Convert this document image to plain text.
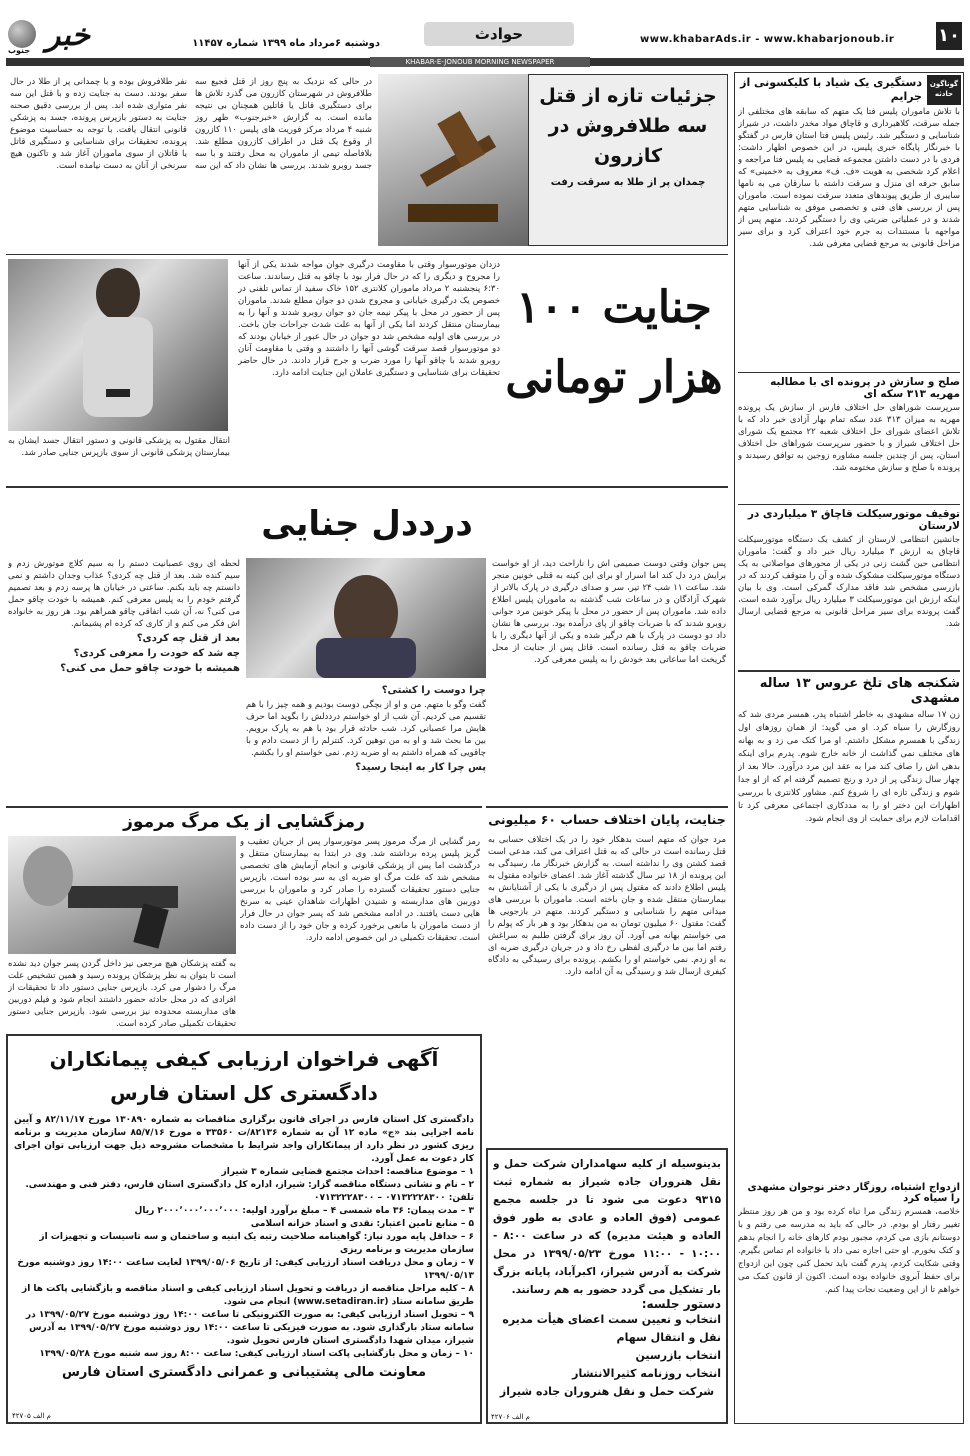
۱۰
www.khabarAds.ir - www.khabarjonoub.ir
حوادث
دوشنبه ۶مرداد ماه ۱۳۹۹ شماره ۱۱۴۵۷
خبر
جنوب
KHABAR-E-JONOUB MORNING NEWSPAPER
گوناگون حادثه
دستگیری یک شیاد با کلیکسونی از جرایم
با تلاش ماموران پلیس فتا یک متهم که سابقه های مختلفی از جمله سرقت، کلاهبرداری و قاچاق مواد مخدر داشت، در شیراز شناسایی و دستگیر شد. رئیس پلیس فتا استان فارس در گفتگو با خبرنگار پایگاه خبری پلیس، در این خصوص اظهار داشت: فردی با در دست داشتن مجموعه قضایی به پلیس فتا مراجعه و اعلام کرد شخصی به هویت «ف. ف» معروف به «خمینی» که سابق حرفه ای منزل و سرقت داشته با سارقان می به نامها سایبری از طریق پیوندهای متعدد سرقت نموده است. ماموران پس از بررسی های فنی و تخصصی موفق به شناسایی متهم شدند و در عملیاتی ضربتی وی را دستگیر کردند. متهم پس از مواجهه با مستندات به جرم خود اعتراف کرد و برای سیر مراحل قانونی به مرجع قضایی معرفی شد.
صلح و سازش در پرونده ای با مطالبه مهریه ۳۱۳ سکه ای
سرپرست شوراهای حل اختلاف فارس از سازش یک پرونده مهریه به میزان ۳۱۳ عدد سکه تمام بهار آزادی خبر داد که با تلاش اعضای شورای حل اختلاف شعبه ۲۲ مجتمع یک شورای حل اختلاف شیراز و با حضور سرپرست شوراهای حل اختلاف استان، پس از چندین جلسه مشاوره زوجین به توافق رسیدند و پرونده با صلح و سازش مختومه شد.
توقیف موتورسیکلت قاچاق ۳ میلیاردی در لارستان
جانشین انتظامی لارستان از کشف یک دستگاه موتورسیکلت قاچاق به ارزش ۳ میلیارد ریال خبر داد و گفت: ماموران انتظامی حین گشت زنی در یکی از محورهای مواصلاتی به یک دستگاه موتورسیکلت مشکوک شده و آن را متوقف کردند که در بازرسی مشخص شد فاقد مدارک گمرکی است. وی با بیان اینکه ارزش این موتورسیکلت ۳ میلیارد ریال برآورد شده است، گفت پرونده برای سیر مراحل قانونی به مرجع قضایی ارسال شد.
شکنجه های تلخ عروس ۱۳ ساله مشهدی
زن ۱۷ ساله مشهدی به خاطر اشتباه پدر، همسر مردی شد که روزگارش را سیاه کرد. او می گوید: از همان روزهای اول زندگی با همسرم مشکل داشتم. او مرا کتک می زد و به بهانه های مختلف نمی گذاشت از خانه خارج شوم. پدرم برای اینکه بدهی اش را صاف کند مرا به عقد این مرد درآورد. حالا بعد از چهار سال زندگی پر از درد و رنج تصمیم گرفته ام که از او جدا شوم و زندگی تازه ای را شروع کنم. مشاور کلانتری با بررسی اظهارات این دختر او را به مددکاری اجتماعی معرفی کرد تا اقدامات لازم برای حمایت از وی انجام شود.
ازدواج اشتباه، روزگار دختر نوجوان مشهدی را سیاه کرد
خلاصه، همسرم زندگی مرا تباه کرده بود و من هر روز منتظر تغییر رفتار او بودم. در حالی که باید به مدرسه می رفتم و با دوستانم بازی می کردم، مجبور بودم کارهای خانه را انجام بدهم و کتک بخورم. او حتی اجازه نمی داد با خانواده ام تماس بگیرم. وقتی شکایت کردم، پدرم گفت باید تحمل کنی چون این ازدواج برای حفظ آبروی خانواده بوده است. اکنون از قانون کمک می خواهم تا از این وضعیت نجات پیدا کنم.
جزئیات تازه از قتل سه طلافروش در کازرون
چمدان پر از طلا به سرقت رفت
در حالی که نزدیک به پنج روز از قتل فجیع سه طلافروش در شهرستان کازرون می گذرد تلاش ها برای دستگیری قاتل یا قاتلین همچنان بی نتیجه مانده است. به گزارش «خبرجنوب» ظهر روز شنبه ۴ مرداد مرکز فوریت های پلیس ۱۱۰ کازرون از وقوع یک قتل در اطراف کازرون مطلع شد. بلافاصله تیمی از ماموران به محل رفتند و با سه جسد روبرو شدند. بررسی ها نشان داد که این سه نفر طلافروش بوده و با چمدانی پر از طلا در حال سفر بودند. دست به جنایت زده و با قتل این سه نفر متواری شده اند. پس از بررسی دقیق صحنه جنایت به دستور بازپرس پرونده، جسد به پزشکی قانونی انتقال یافت. با توجه به حساسیت موضوع پرونده، تحقیقات برای شناسایی و دستگیری قاتل یا قاتلان از سوی ماموران آغاز شد و تاکنون هیچ سرنخی از آنان به دست نیامده است.
جنایت ۱۰۰ هزار تومانی
دزدان موتورسوار وقتی با مقاومت درگیری جوان مواجه شدند یکی از آنها را مجروح و دیگری را که در حال فرار بود با چاقو به قتل رساندند. ساعت ۶:۳۰ پنجشنبه ۲ مرداد ماموران کلانتری ۱۵۲ خاک سفید از تماس تلفنی در خصوص یک درگیری خیابانی و مجروح شدن دو جوان مطلع شدند. ماموران پس از حضور در محل با پیکر نیمه جان دو جوان روبرو شدند و آنها را به بیمارستان منتقل کردند اما یکی از آنها به علت شدت جراحات جان باخت. در بررسی های اولیه مشخص شد دو جوان در حال عبور از خیابان بودند که دو موتورسوار قصد سرقت گوشی آنها را داشتند و وقتی با مقاومت آنان روبرو شدند با چاقو آنها را مورد ضرب و جرح قرار دادند. در حال حاضر تحقیقات برای شناسایی و دستگیری عاملان این جنایت ادامه دارد.
انتقال مقتول به پزشکی قانونی و دستور انتقال جسد ایشان به بیمارستان پزشکی قانونی از سوی بازپرس جنایی صادر شد.
درددل جنایی
پس جوان وقتی دوست صمیمی اش را ناراحت دید، از او خواست برایش درد دل کند اما اسرار او برای این کینه به قتلی خونین منجر شد. ساعت ۱۱ شب ۲۴ تیر، سر و صدای درگیری در پارک بالاتر از شهرک آزادگان و در ساعات شب گذشته به ماموران پلیس اطلاع داده شد. ماموران پس از حضور در محل با پیکر خونین مرد جوانی روبرو شدند که با ضربات چاقو از پای درآمده بود. بررسی ها نشان داد دو دوست در پارک با هم درگیر شده و یکی از آنها دیگری را با ضربات چاقو به قتل رسانده است. قاتل پس از جنایت از محل گریخت اما ساعاتی بعد خودش را به پلیس معرفی کرد.
چرا دوست را کشتی؟
گفت وگو با متهم. من و او از بچگی دوست بودیم و همه چیز را با هم تقسیم می کردیم. آن شب از او خواستم درددلش را بگوید اما حرف هایش مرا عصبانی کرد. شب حادثه قرار بود با هم به پارک برویم. بین ما بحث شد و او به من توهین کرد. کنترلم را از دست دادم و با چاقویی که همراه داشتم به او ضربه زدم. نمی خواستم او را بکشم.
پس چرا کار به اینجا رسید؟
لحظه ای روی عصبانیت دستم را به سیم کلاچ موتورش زدم و سیم کنده شد. بعد از قتل چه کردی؟ عذاب وجدان داشتم و نمی دانستم چه باید بکنم. ساعتی در خیابان ها پرسه زدم و بعد تصمیم گرفتم خودم را به پلیس معرفی کنم. همیشه با خودت چاقو حمل می کنی؟ نه، آن شب اتفاقی چاقو همراهم بود. هر روز به خانواده اش فکر می کنم و از کاری که کرده ام پشیمانم.
بعد از قتل چه کردی؟
چه شد که خودت را معرفی کردی؟
همیشه با خودت چاقو حمل می کنی؟
رمزگشایی از یک مرگ مرموز
رمز گشایی از مرگ مرموز پسر موتورسوار پس از جریان تعقیب و گریز پلیس پرده برداشته شد. وی در ابتدا به بیمارستان منتقل و درگذشت اما پس از پزشکی قانونی و انجام آزمایش های تخصصی مشخص شد که علت مرگ او ضربه ای به سر بوده است. بازپرس جنایی دستور تحقیقات گسترده را صادر کرد و ماموران با بررسی دوربین های مداربسته و شنیدن اظهارات شاهدان عینی به سرنخ هایی دست یافتند. در ادامه مشخص شد که پسر جوان در حال فرار از دست ماموران با مانعی برخورد کرده و جان خود را از دست داده است. تحقیقات تکمیلی در این خصوص ادامه دارد.
به گفته پزشکان هیچ مرجعی نیز داخل گردن پسر جوان دید نشده است تا بتوان به نظر پزشکان پرونده رسید و همین تشخیص علت مرگ را دشوار می کرد. بازپرس جنایی دستور داد تا تحقیقات از افرادی که در محل حادثه حضور داشتند انجام شود و فیلم دوربین های مداربسته محدوده نیز بررسی شود. بازپرس جنایی دستور تحقیقات تکمیلی صادر کرده است.
جنایت، پایان اختلاف حساب ۶۰ میلیونی
مرد جوان که متهم است بدهکار خود را در یک اختلاف حسابی به قتل رسانده است در حالی که به قتل اعتراف می کند، مدعی است قصد کشتن وی را نداشته است. به گزارش خبرنگار ما، رسیدگی به این پرونده از ۱۸ تیر سال گذشته آغاز شد. اعضای خانواده مقتول به پلیس اطلاع دادند که مقتول پس از درگیری با یکی از آشنایانش به بیمارستان منتقل شده و جان باخته است. ماموران با بررسی های میدانی متهم را شناسایی و دستگیر کردند. متهم در بازجویی ها گفت: مقتول ۶۰ میلیون تومان به من بدهکار بود و هر بار که پولم را می خواستم بهانه می آورد. آن روز برای گرفتن طلبم به سراغش رفتم اما بین ما درگیری لفظی رخ داد و در جریان درگیری ضربه ای به او زدم. نمی خواستم او را بکشم. پرونده برای رسیدگی به دادگاه کیفری ارسال شد و رسیدگی به آن ادامه دارد.
بدینوسیله از کلیه سهامداران شرکت حمل و نقل هنروران جاده شیراز به شماره ثبت ۹۳۱۵ دعوت می شود تا در جلسه مجمع عمومی (فوق العاده و عادی به طور فوق العاده و هیئت مدیره) که در ساعت ۸:۰۰ - ۱۰:۰۰ - ۱۱:۰۰ مورخ ۱۳۹۹/۰۵/۲۳ در محل شرکت به آدرس شیراز، اکبرآباد، پایانه بزرگ بار تشکیل می گردد حضور به هم رسانند.
دستور جلسه:
انتخاب و تعیین سمت اعضای هیأت مدیره
نقل و انتقال سهام
انتخاب بازرسین
انتخاب روزنامه کثیرالانتشار
شرکت حمل و نقل هنروران جاده شیراز
م الف ۴۲۷۰۶
آگهی فراخوان ارزیابی کیفی پیمانکاران
دادگستری کل استان فارس
دادگستری کل استان فارس در اجرای قانون برگزاری مناقصات به شماره ۱۳۰۸۹۰ مورخ ۸۲/۱۱/۱۷ و آیین نامه اجرایی بند «ج» ماده ۱۲ آن به شماره ۸۲۱۳۶/ت ۳۳۵۶۰ ه مورخ ۸۵/۷/۱۶ سازمان مدیریت و برنامه ریزی کشور در نظر دارد از پیمانکاران واجد شرایط با مشخصات مشروحه ذیل جهت ارزیابی توان اجرای کار دعوت به عمل آورد.
۱ – موضوع مناقصه: احداث مجتمع قضایی شماره ۳ شیراز
۲ – نام و نشانی دستگاه مناقصه گزار: شیراز، اداره کل دادگستری استان فارس، دفتر فنی و مهندسی. تلفن: ۰۷۱۳۲۲۲۸۳۰۰ – ۰۷۱۳۲۲۲۸۳۰۰
۳ – مدت پیمان: ۳۶ ماه شمسی ۴ – مبلغ برآورد اولیه: ۲۰۰۰٬۰۰۰٬۰۰۰٬۰۰۰ ریال
۵ – منابع تامین اعتبار: نقدی و اسناد خزانه اسلامی
۶ – حداقل پایه مورد نیاز: گواهینامه صلاحیت رتبه یک ابنیه و ساختمان و سه تاسیسات و تجهیزات از سازمان مدیریت و برنامه ریزی
۷ – زمان و محل دریافت اسناد ارزیابی کیفی: از تاریخ ۱۳۹۹/۰۵/۰۶ لغایت ساعت ۱۴:۰۰ روز دوشنبه مورخ ۱۳۹۹/۰۵/۱۳
۸ – کلیه مراحل مناقصه از دریافت و تحویل اسناد ارزیابی کیفی و اسناد مناقصه و بازگشایی پاکت ها از طریق سامانه ستاد (www.setadiran.ir) انجام می شود.
۹ – تحویل اسناد ارزیابی کیفی: به صورت الکترونیکی تا ساعت ۱۴:۰۰ روز دوشنبه مورخ ۱۳۹۹/۰۵/۲۷ در سامانه ستاد بارگذاری شود. به صورت فیزیکی تا ساعت ۱۴:۰۰ روز دوشنبه مورخ ۱۳۹۹/۰۵/۲۷ به آدرس شیراز، میدان شهدا دادگستری استان فارس تحویل شود.
۱۰ – زمان و محل بازگشایی پاکت اسناد ارزیابی کیفی: ساعت ۸:۰۰ روز سه شنبه مورخ ۱۳۹۹/۰۵/۲۸
معاونت مالی پشتیبانی و عمرانی دادگستری استان فارس
م الف ۴۲۷۰۵
